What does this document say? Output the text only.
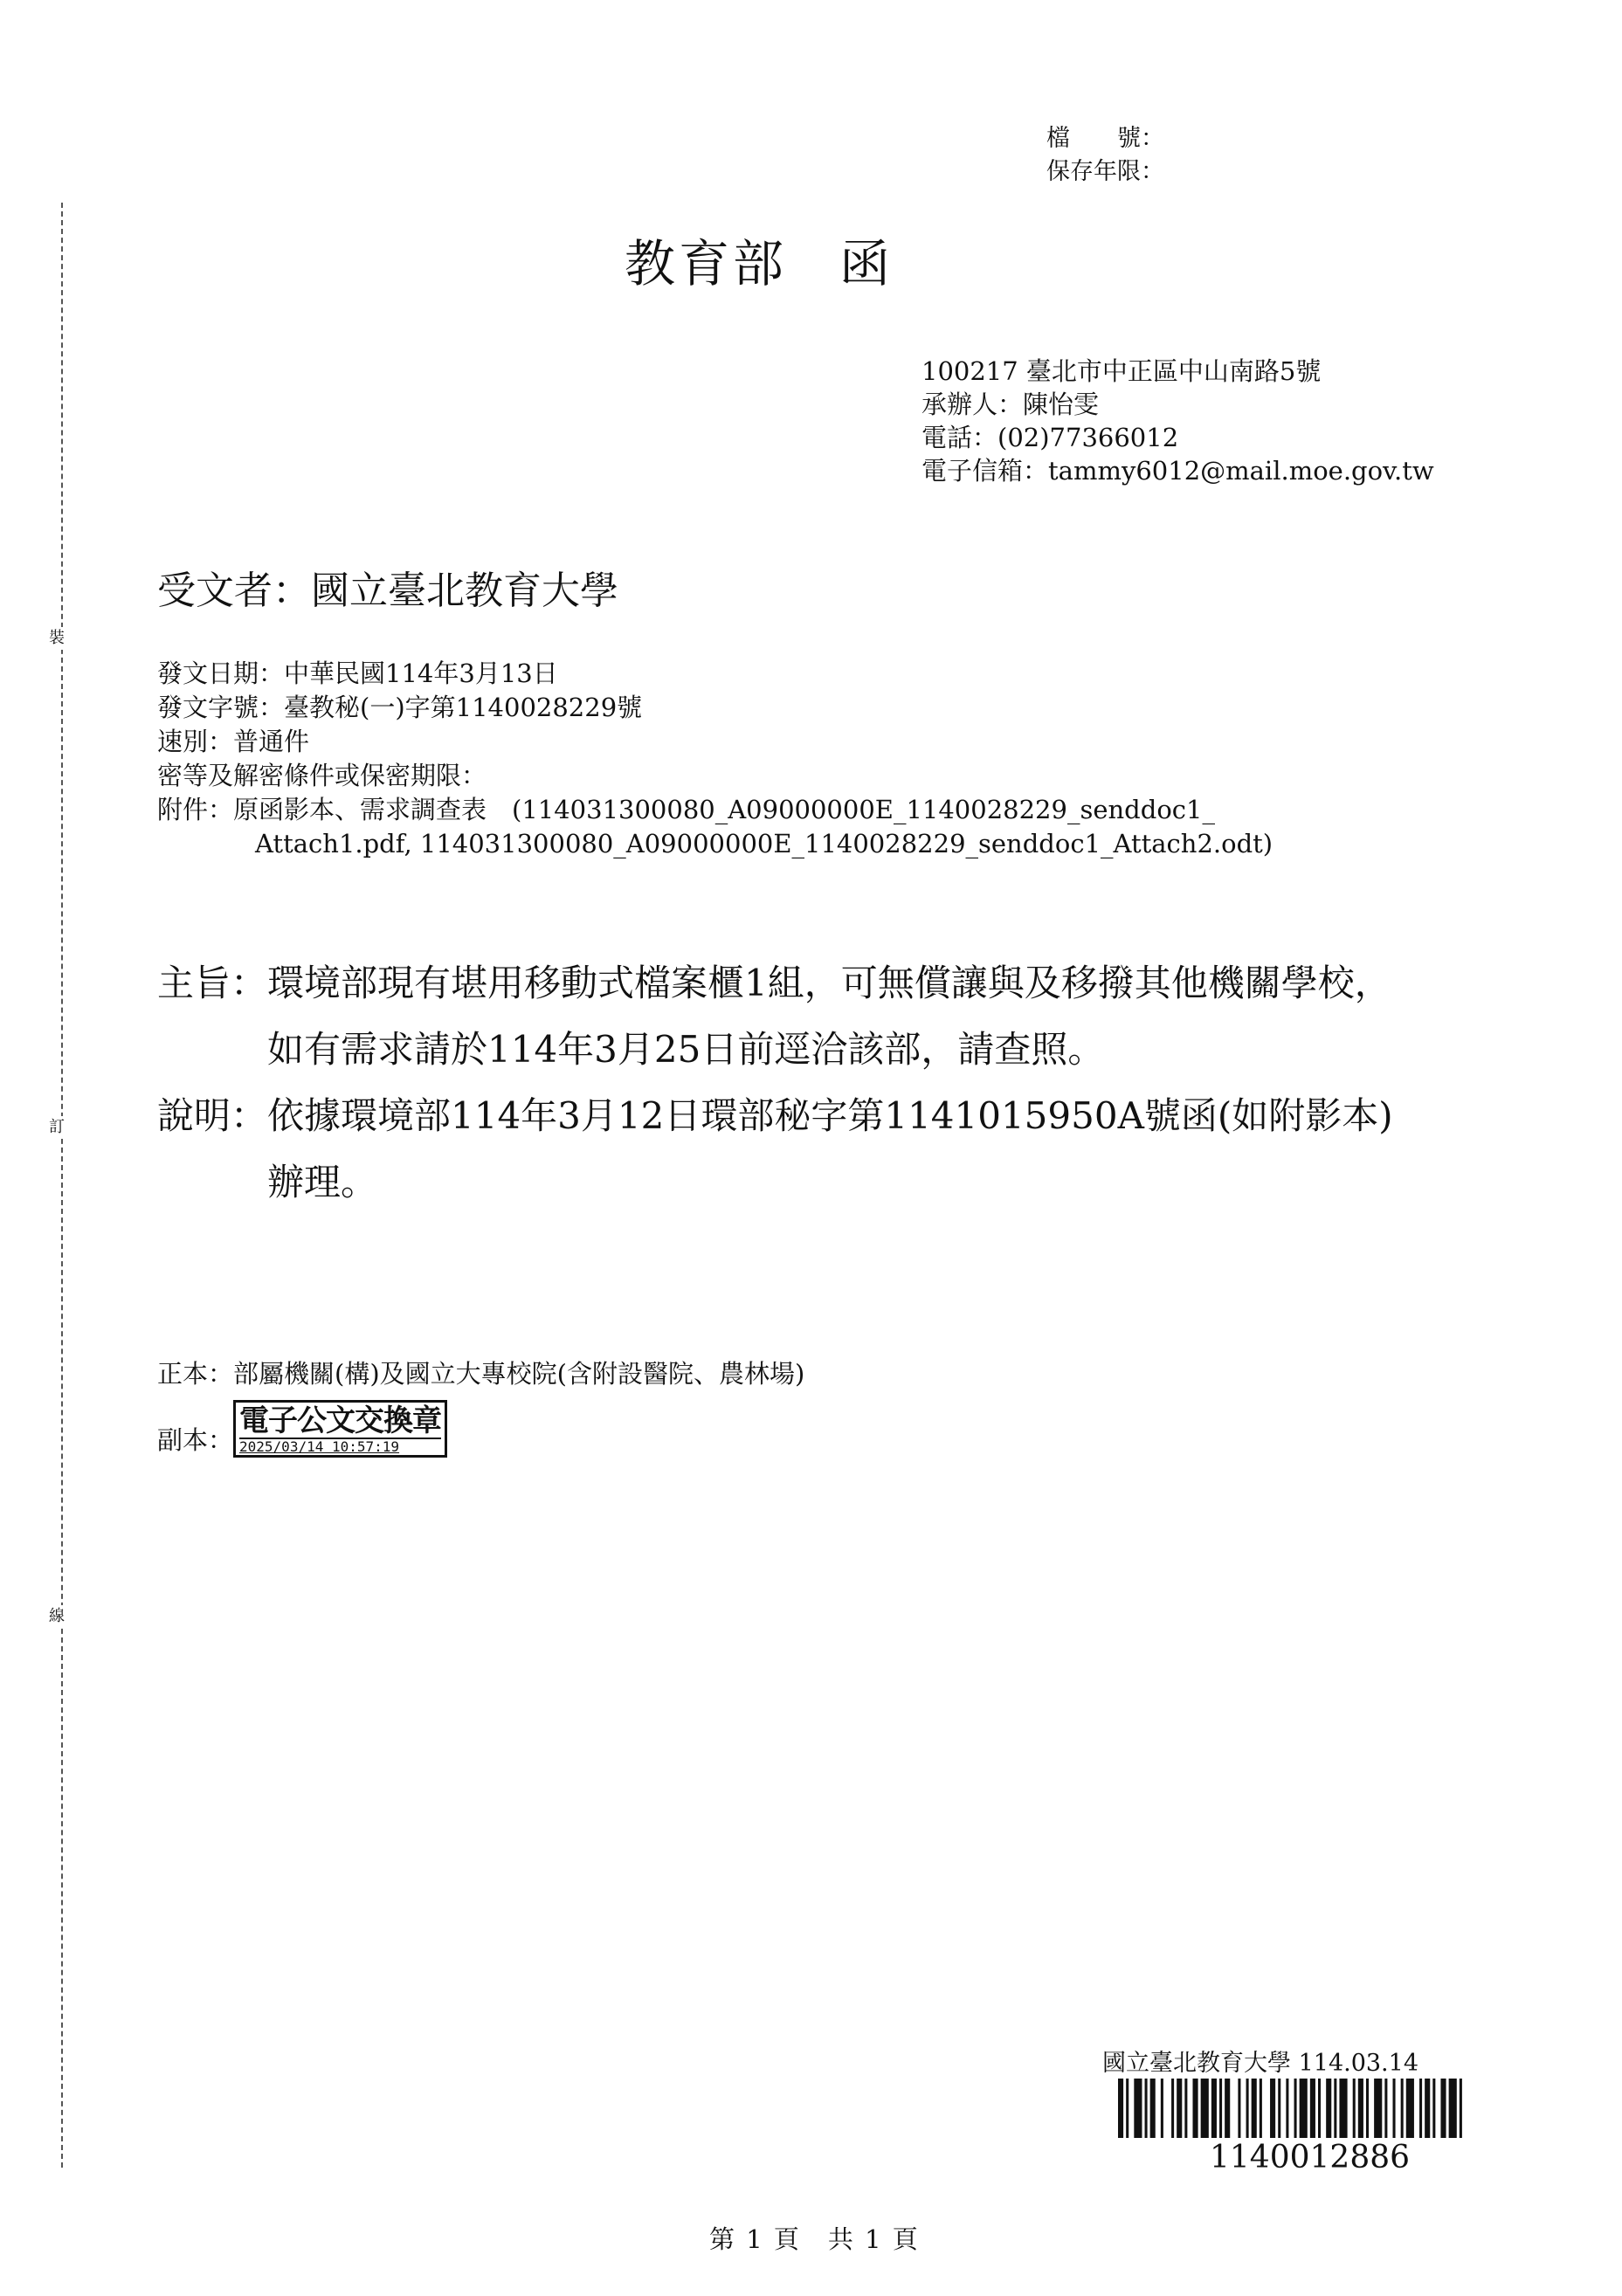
裝
訂
線
檔　　號：
保存年限：
教育部 函
100217 臺北市中正區中山南路5號
承辦人： 陳怡雯
電話： (02)77366012
電子信箱： tammy6012@mail.moe.gov.tw
受文者：國立臺北教育大學
發文日期： 中華民國114年3月13日
發文字號： 臺教秘(一)字第1140028229號
速別： 普通件
密等及解密條件或保密期限：
附件： 原函影本、需求調查表　(114031300080_A09000000E_1140028229_senddoc1_
Attach1.pdf, 114031300080_A09000000E_1140028229_senddoc1_Attach2.odt)
主旨： 環境部現有堪用移動式檔案櫃1組，可無償讓與及移撥其他機關學校，如有需求請於114年3月25日前逕洽該部，請查照。
說明： 依據環境部114年3月12日環部秘字第1141015950A號函(如附影本)辦理。
正本： 部屬機關(構)及國立大專校院(含附設醫院、農林場)
副本：
電子公文交換章
2025/03/14 10:57:19
國立臺北教育大學 114.03.14
1140012886
第 1 頁　共 1 頁
